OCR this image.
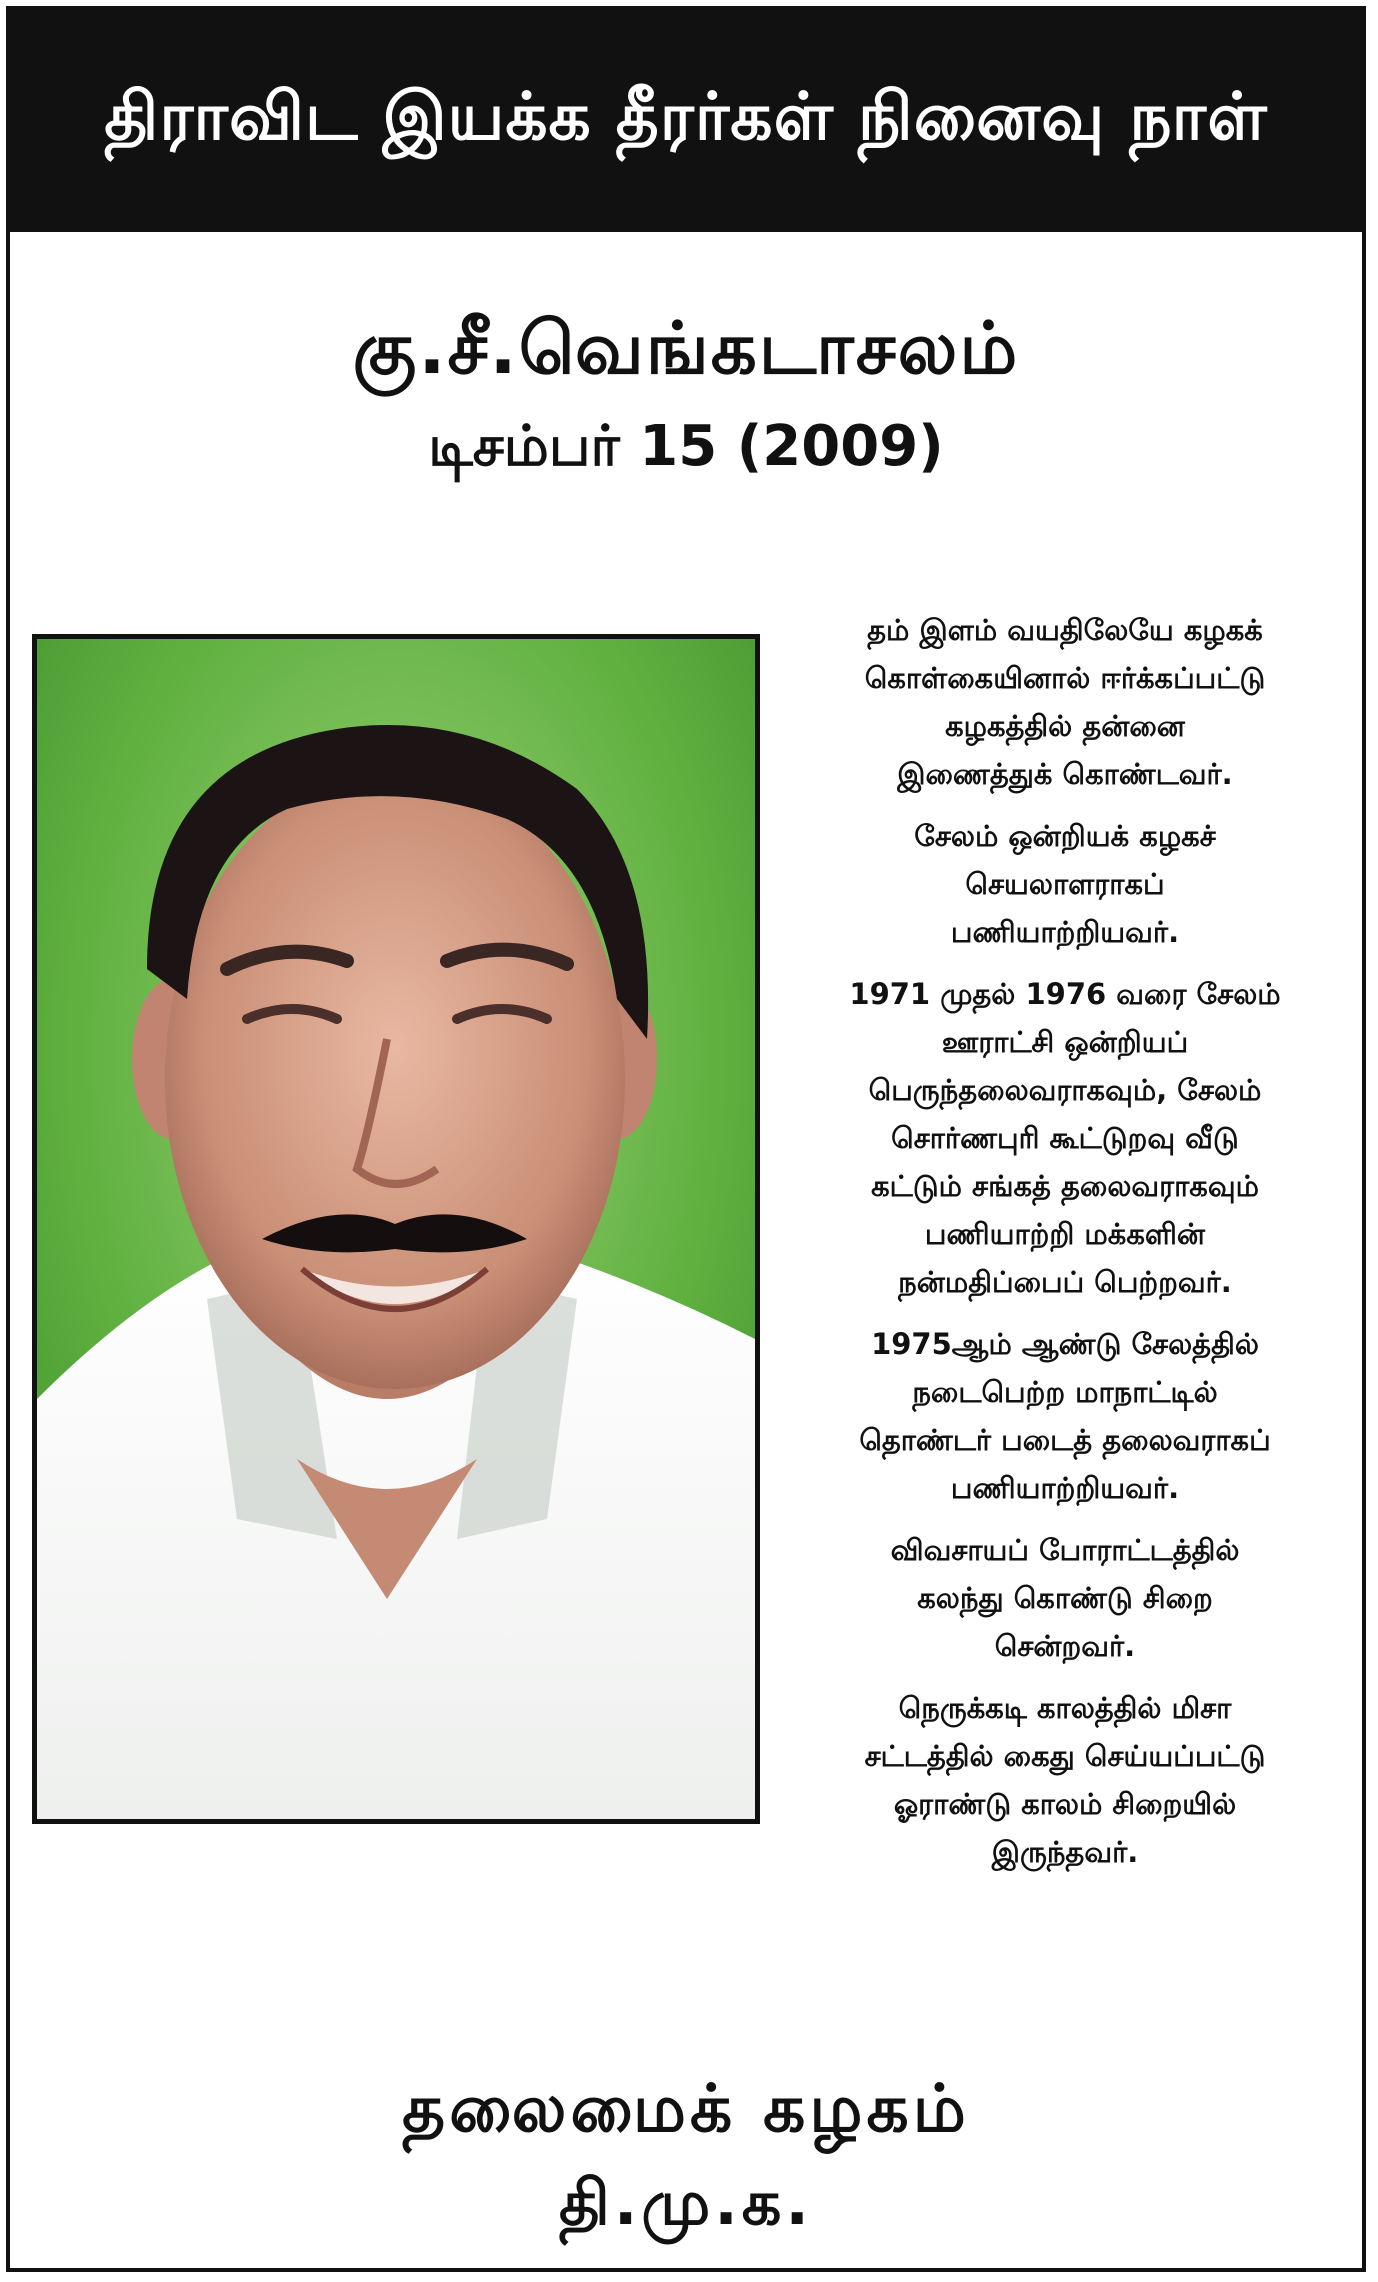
திராவிட இயக்க தீரர்கள் நினைவு நாள்
கு.சீ.வெங்கடாசலம்
டிசம்பர் 15 (2009)

தம் இளம் வயதிலேயே கழகக்
கொள்கையினால் ஈர்க்கப்பட்டு
கழகத்தில் தன்னை
இணைத்துக் கொண்டவர்.

சேலம் ஒன்றியக் கழகச்
செயலாளராகப்
பணியாற்றியவர்.

1971 முதல் 1976 வரை சேலம்
ஊராட்சி ஒன்றியப்
பெருந்தலைவராகவும், சேலம்
சொர்ணபுரி கூட்டுறவு வீடு
கட்டும் சங்கத் தலைவராகவும்
பணியாற்றி மக்களின்
நன்மதிப்பைப் பெற்றவர்.

1975ஆம் ஆண்டு சேலத்தில்
நடைபெற்ற மாநாட்டில்
தொண்டர் படைத் தலைவராகப்
பணியாற்றியவர்.

விவசாயப் போராட்டத்தில்
கலந்து கொண்டு சிறை
சென்றவர்.

நெருக்கடி காலத்தில் மிசா
சட்டத்தில் கைது செய்யப்பட்டு
ஓராண்டு காலம் சிறையில்
இருந்தவர்.

தலைமைக் கழகம்
தி.மு.க.
